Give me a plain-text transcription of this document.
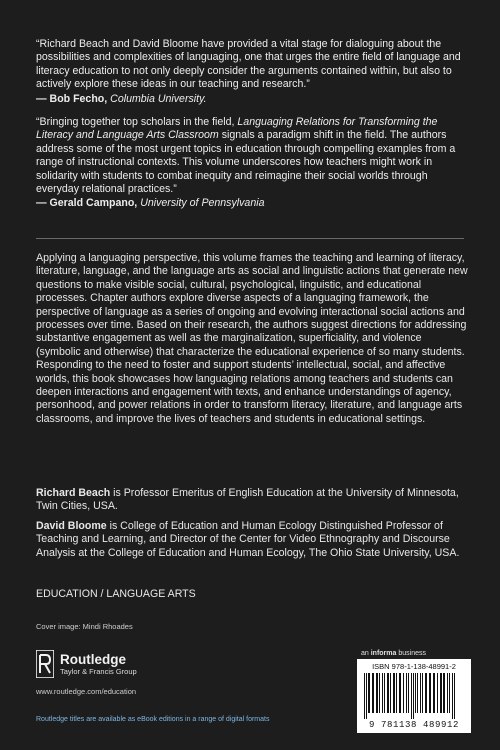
“Richard Beach and David Bloome have provided a vital stage for dialoguing about the possibilities and complexities of languaging, one that urges the entire field of language and literacy education to not only deeply consider the arguments contained within, but also to actively explore these ideas in our teaching and research.”

— Bob Fecho, Columbia University.

“Bringing together top scholars in the field, Languaging Relations for Transforming the Literacy and Language Arts Classroom signals a paradigm shift in the field. The authors address some of the most urgent topics in education through compelling examples from a range of instructional contexts. This volume underscores how teachers might work in solidarity with students to combat inequity and reimagine their social worlds through everyday relational practices.”

— Gerald Campano, University of Pennsylvania

Applying a languaging perspective, this volume frames the teaching and learning of literacy, literature, language, and the language arts as social and linguistic actions that generate new questions to make visible social, cultural, psychological, linguistic, and educational processes. Chapter authors explore diverse aspects of a languaging framework, the perspective of language as a series of ongoing and evolving interactional social actions and processes over time. Based on their research, the authors suggest directions for addressing substantive engagement as well as the marginalization, superficiality, and violence (symbolic and otherwise) that characterize the educational experience of so many students. Responding to the need to foster and support students’ intellectual, social, and affective worlds, this book showcases how languaging relations among teachers and students can deepen interactions and engagement with texts, and enhance understandings of agency, personhood, and power relations in order to transform literacy, literature, and language arts classrooms, and improve the lives of teachers and students in educational settings.

Richard Beach is Professor Emeritus of English Education at the University of Minnesota, Twin Cities, USA.

David Bloome is College of Education and Human Ecology Distinguished Professor of Teaching and Learning, and Director of the Center for Video Ethnography and Discourse Analysis at the College of Education and Human Ecology, The Ohio State University, USA.

EDUCATION / LANGUAGE ARTS
Cover image: Mindi Rhoades
Routledge
Taylor & Francis Group
www.routledge.com/education
Routledge titles are available as eBook editions in a range of digital formats
an informa business
ISBN 978-1-138-48991-2
9 781138 489912
